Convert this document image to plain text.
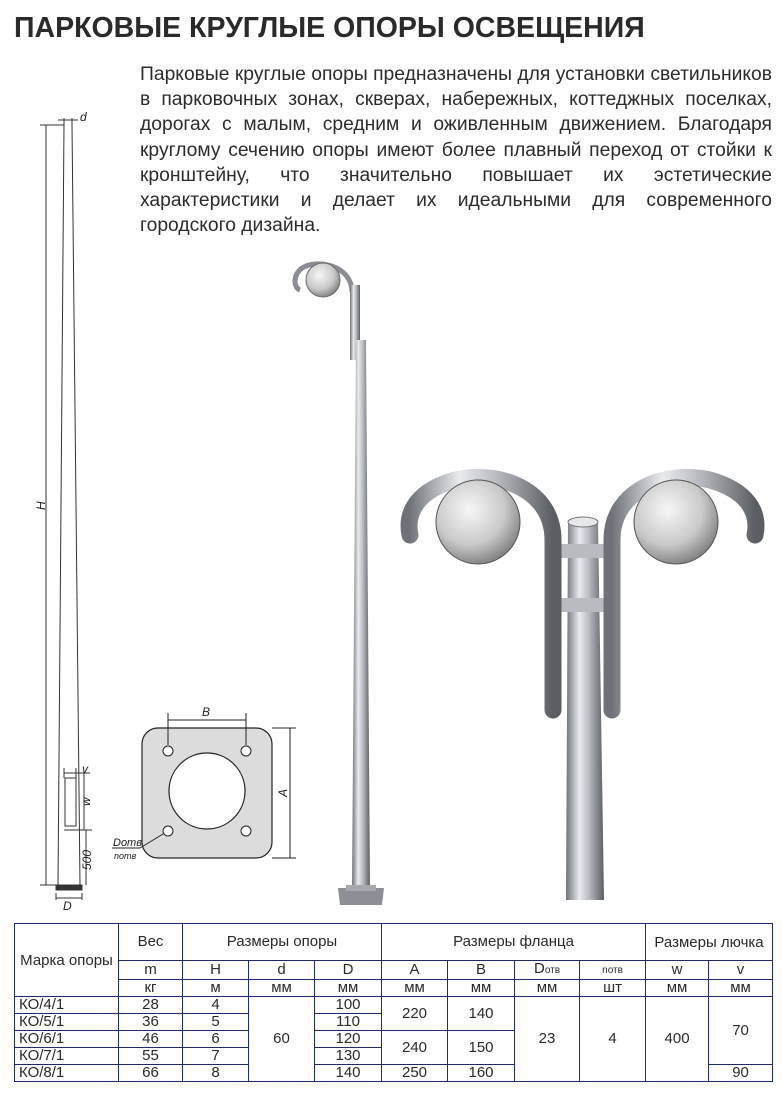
ПАРКОВЫЕ КРУГЛЫЕ ОПОРЫ ОСВЕЩЕНИЯ
Парковые круглые опоры предназначены для установки светильников в парковочных зонах, скверах, набережных, коттеджных поселках, дорогах с малым, средним и оживленным движением. Благодаря круглому сечению опоры имеют более плавный переход от стойки к кронштейну, что значительно повышает их эстетические характеристики и делает их идеальными для современного городского дизайна.
d
H
v
w
500
D
B
A
Dотв
nотв
Марка опоры	Вес	Размеры опоры			Размеры фланца				Размеры лючка	
	m	H	d	D	A	B	Dотв	nотв	w	v
	кг	м	мм	мм	мм	мм	мм	шт	мм	мм
КО/4/1	28	4	60	100	220	140	23	4	400	70
КО/5/1	36	5		110						
КО/6/1	46	6		120	240	150				
КО/7/1	55	7		130						
КО/8/1	66	8		140	250	160				90
